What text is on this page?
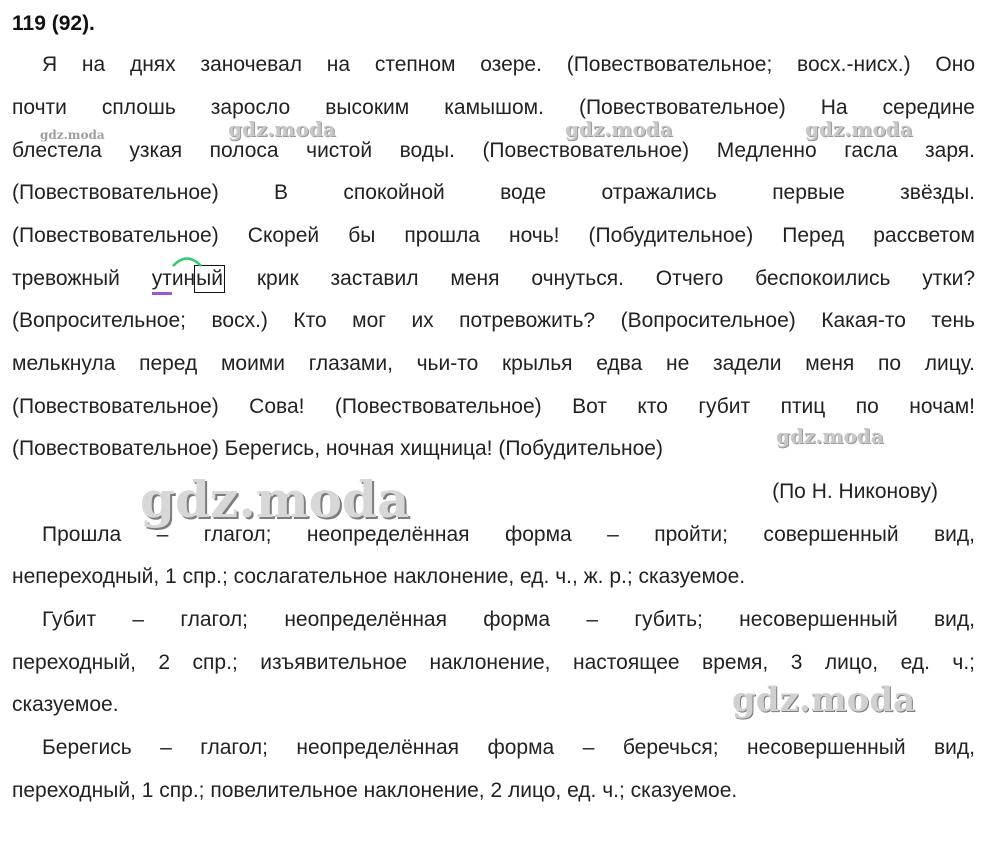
119 (92).
Я на днях заночевал на степном озере. (Повествовательное; восх.-нисх.) Оно
почти сплошь заросло высоким камышом. (Повествовательное) На середине
блестела узкая полоса чистой воды. (Повествовательное) Медленно гасла заря.
(Повествовательное) В спокойной воде отражались первые звёзды.
(Повествовательное) Скорей бы прошла ночь! (Побудительное) Перед рассветом
тревожный ут
иный крик заставил меня очнуться. Отчего беспокоились утки?
(Вопросительное; восх.) Кто мог их потревожить? (Вопросительное) Какая-то тень
мелькнула перед моими глазами, чьи-то крылья едва не задели меня по лицу.
(Повествовательное) Сова! (Повествовательное) Вот кто губит птиц по ночам!
(Повествовательное) Берегись, ночная хищница! (Побудительное)
(По Н. Никонову)
Прошла – глагол; неопределённая форма – пройти; совершенный вид,
непереходный, 1 спр.; сослагательное наклонение, ед. ч., ж. р.; сказуемое.
Губит – глагол; неопределённая форма – губить; несовершенный вид,
переходный, 2 спр.; изъявительное наклонение, настоящее время, 3 лицо, ед. ч.;
сказуемое.
Берегись – глагол; неопределённая форма – беречься; несовершенный вид,
переходный, 1 спр.; повелительное наклонение, 2 лицо, ед. ч.; сказуемое.
gdz.moda	gdz.moda	gdz.moda	gdz.moda
gdz.moda
gdz.moda
gdz.moda
